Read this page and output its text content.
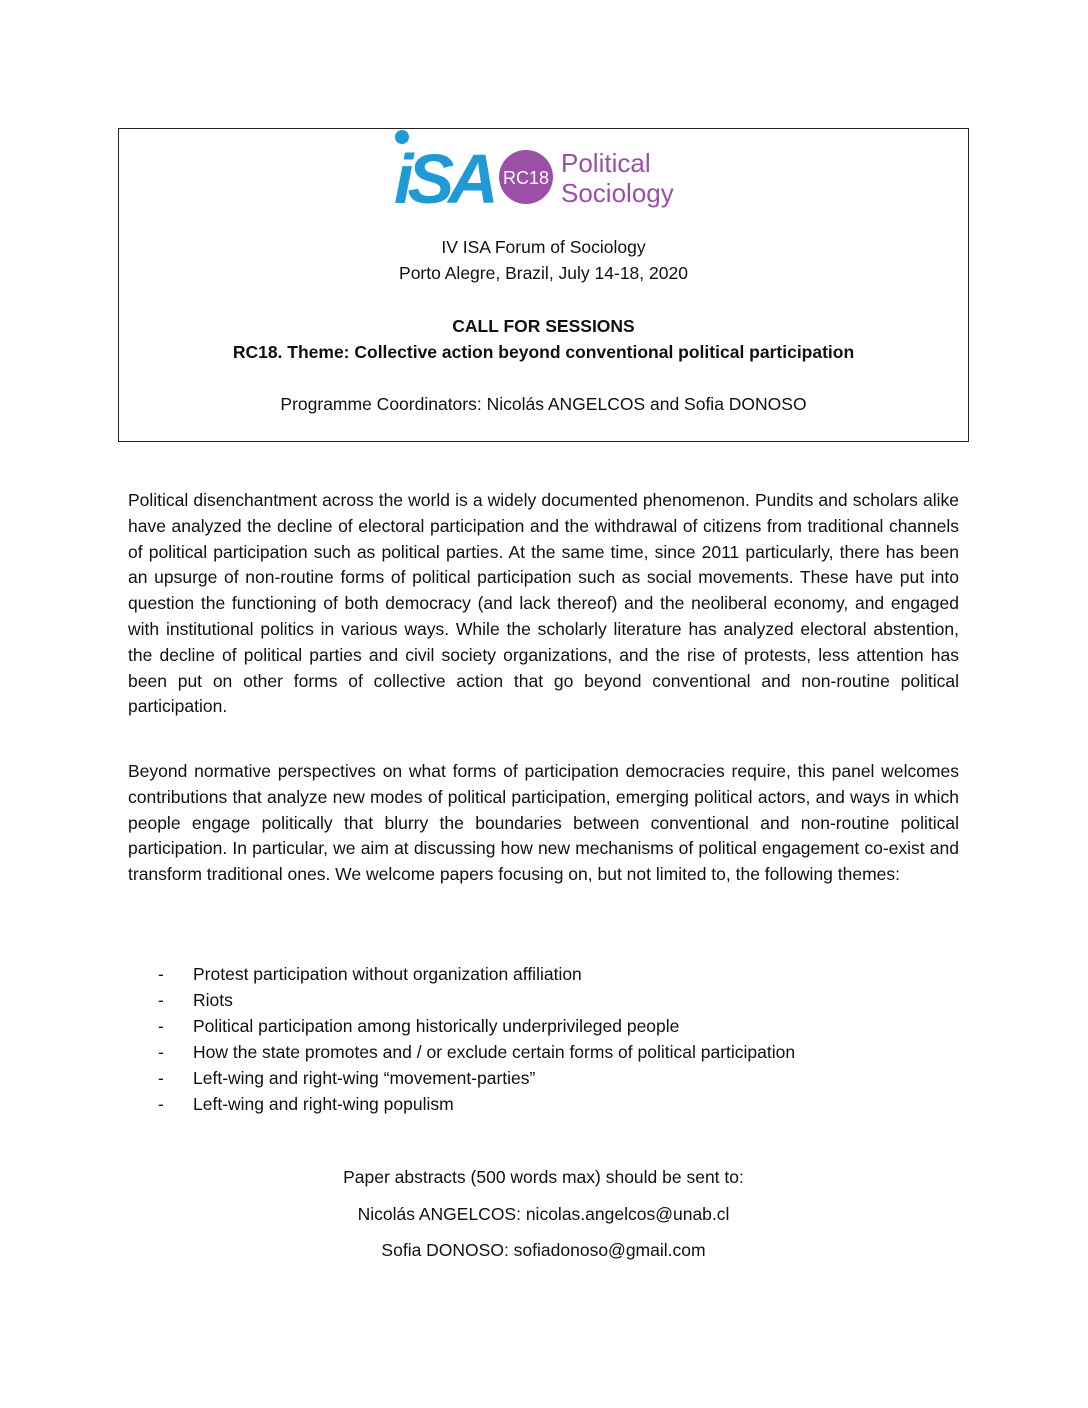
iSA RC18 Political
Sociology
IV ISA Forum of Sociology
Porto Alegre, Brazil, July 14-18, 2020
CALL FOR SESSIONS
RC18. Theme: Collective action beyond conventional political participation
Programme Coordinators: Nicolás ANGELCOS and Sofia DONOSO

Political disenchantment across the world is a widely documented phenomenon. Pundits and scholars alike have analyzed the decline of electoral participation and the withdrawal of citizens from traditional channels of political participation such as political parties. At the same time, since 2011 particularly, there has been an upsurge of non-routine forms of political participation such as social movements. These have put into question the functioning of both democracy (and lack thereof) and the neoliberal economy, and engaged with institutional politics in various ways. While the scholarly literature has analyzed electoral abstention, the decline of political parties and civil society organizations, and the rise of protests, less attention has been put on other forms of collective action that go beyond conventional and non-routine political participation.

Beyond normative perspectives on what forms of participation democracies require, this panel welcomes contributions that analyze new modes of political participation, emerging political actors, and ways in which people engage politically that blurry the boundaries between conventional and non-routine political participation. In particular, we aim at discussing how new mechanisms of political engagement co-exist and transform traditional ones. We welcome papers focusing on, but not limited to, the following themes:

- Protest participation without organization affiliation
- Riots
- Political participation among historically underprivileged people
- How the state promotes and / or exclude certain forms of political participation
- Left-wing and right-wing “movement-parties”
- Left-wing and right-wing populism
Paper abstracts (500 words max) should be sent to:
Nicolás ANGELCOS: nicolas.angelcos@unab.cl
Sofia DONOSO: sofiadonoso@gmail.com
